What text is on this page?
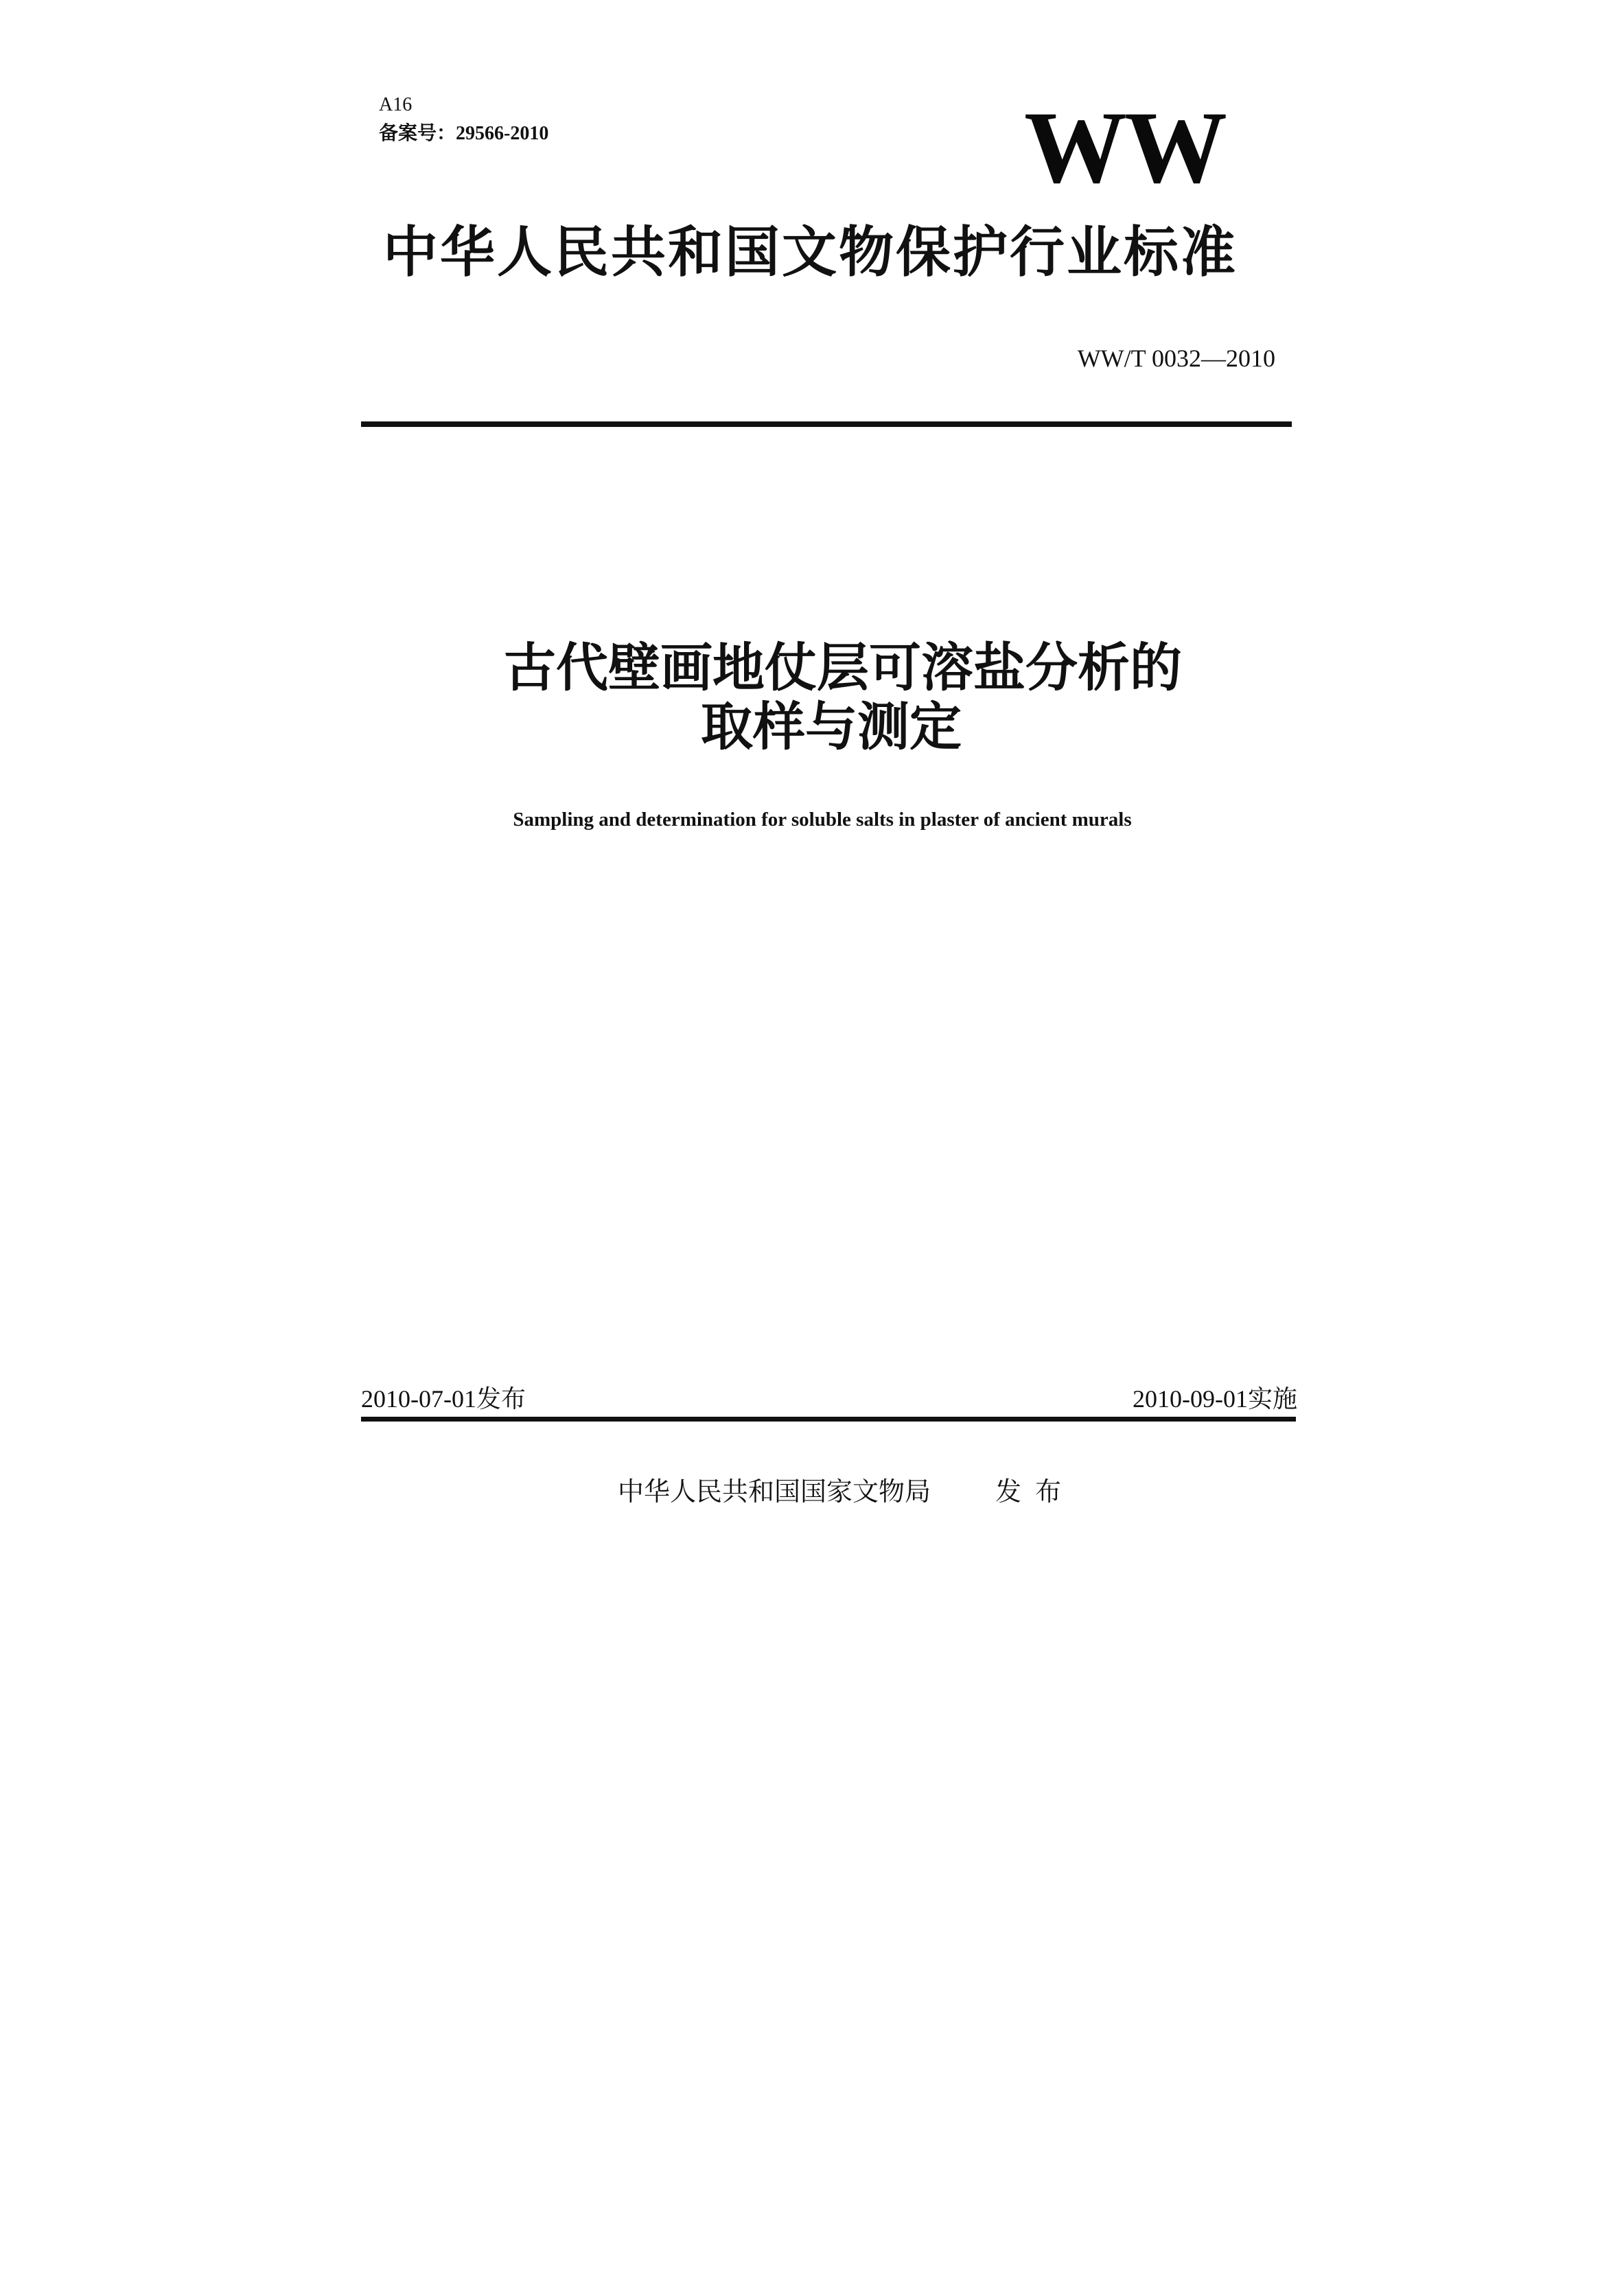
A16
备案号：29566-2010	WW
中华人民共和国文物保护行业标准
WW/T 0032—2010
古代壁画地仗层可溶盐分析的
取样与测定
Sampling and determination for soluble salts in plaster of ancient murals
2010-07-01发布	2010-09-01实施
中华人民共和国国家文物局 发布
